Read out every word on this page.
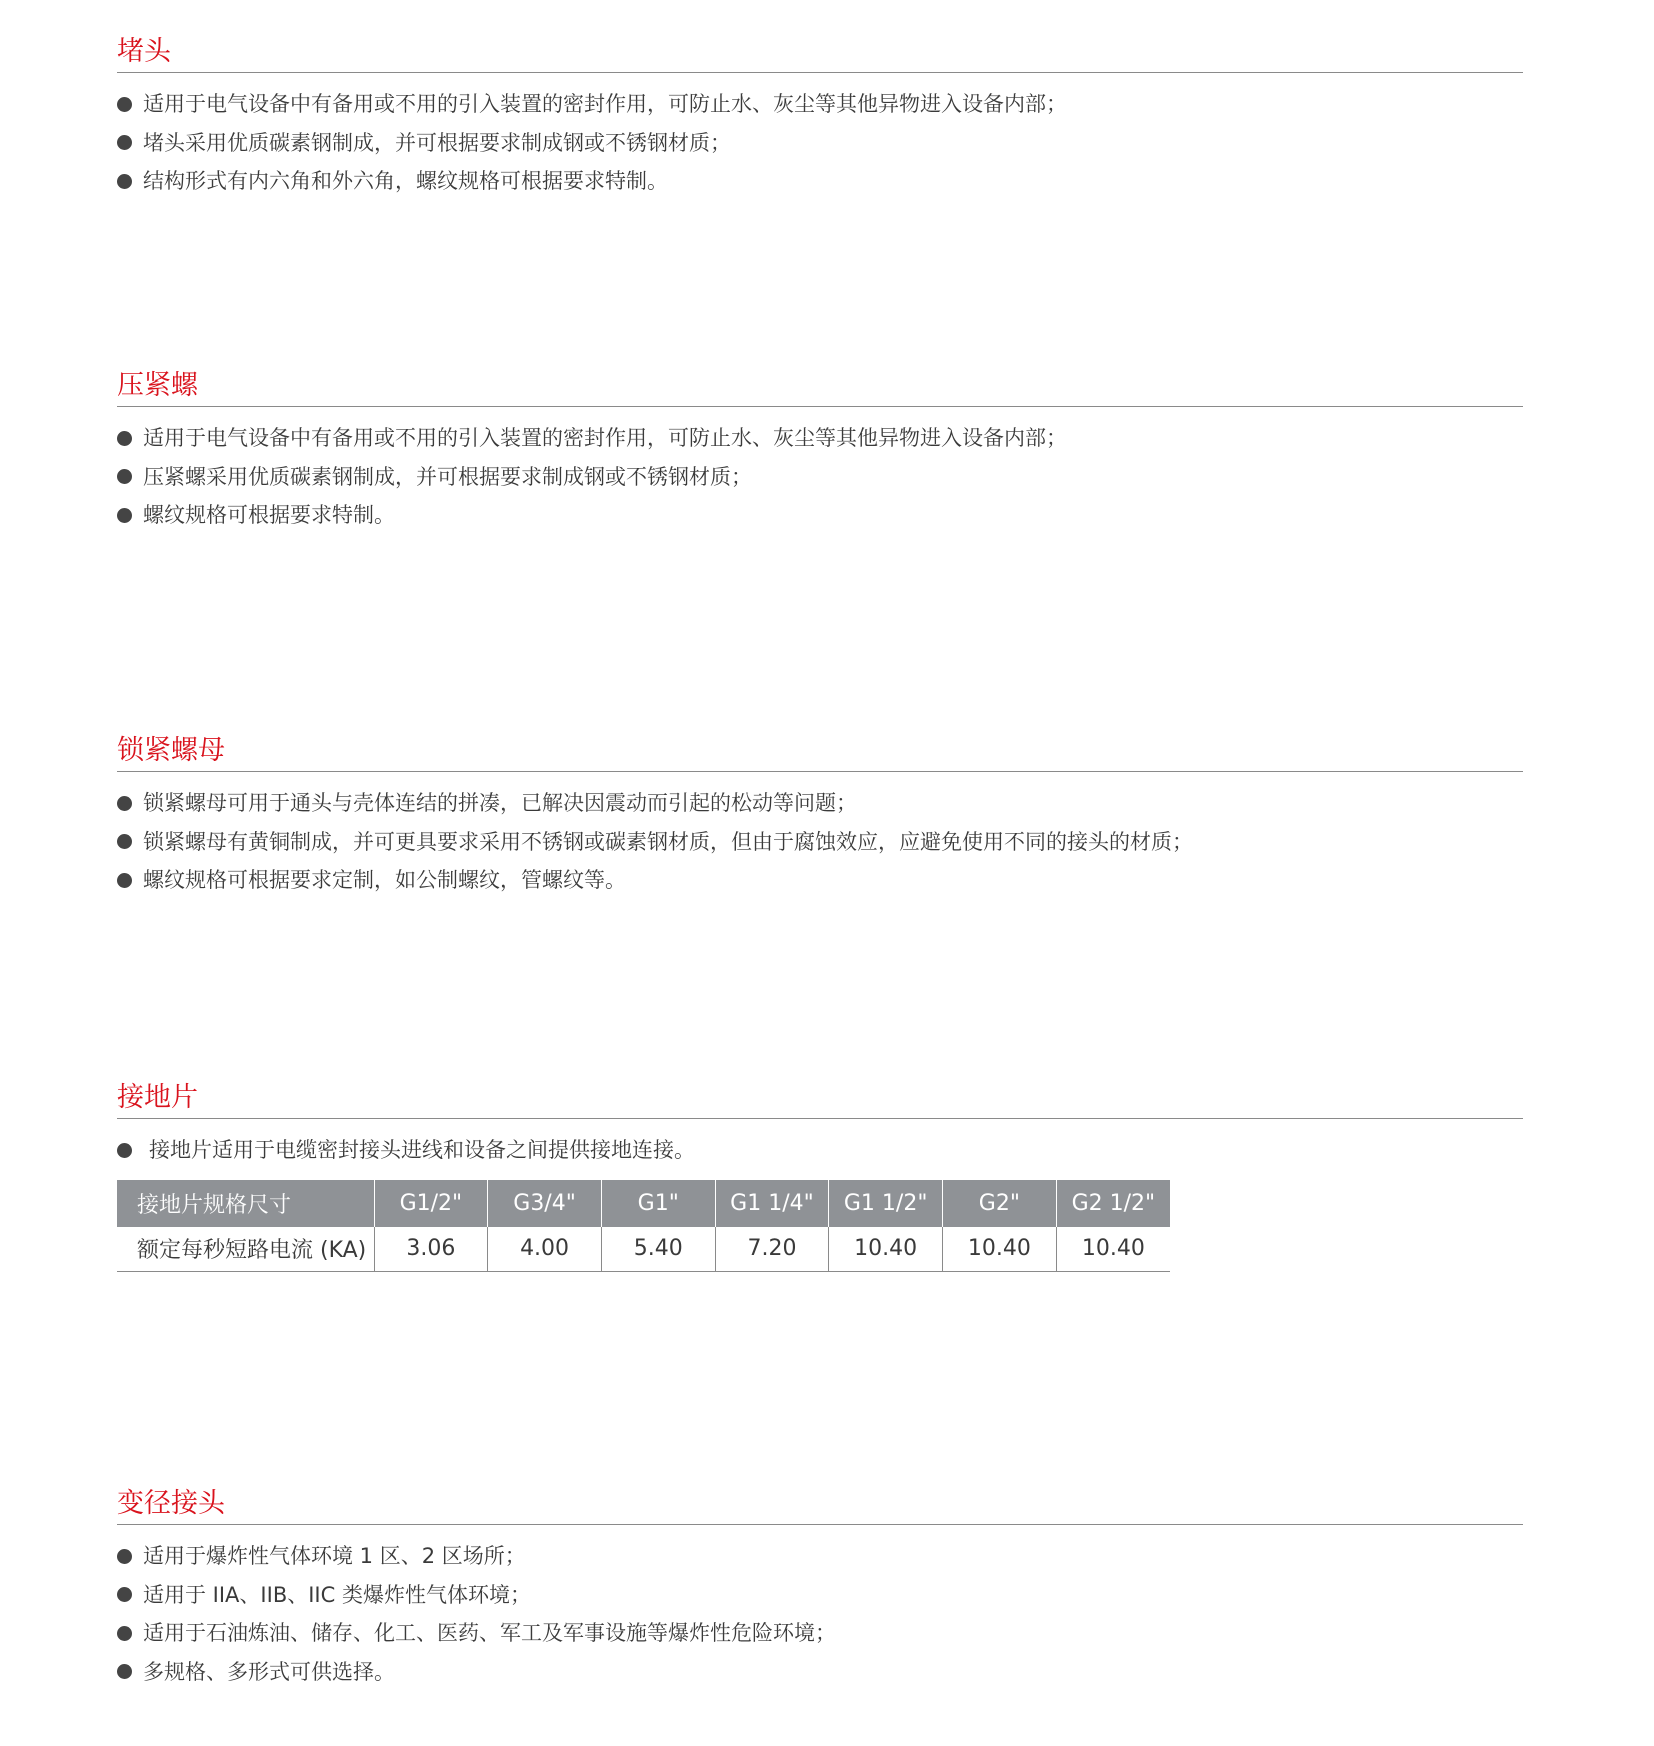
堵头
适用于电气设备中有备用或不用的引入装置的密封作用，可防止水、灰尘等其他异物进入设备内部；
堵头采用优质碳素钢制成，并可根据要求制成钢或不锈钢材质；
结构形式有内六角和外六角，螺纹规格可根据要求特制。
压紧螺
适用于电气设备中有备用或不用的引入装置的密封作用，可防止水、灰尘等其他异物进入设备内部；
压紧螺采用优质碳素钢制成，并可根据要求制成钢或不锈钢材质；
螺纹规格可根据要求特制。
锁紧螺母
锁紧螺母可用于通头与壳体连结的拼凑，已解决因震动而引起的松动等问题；
锁紧螺母有黄铜制成，并可更具要求采用不锈钢或碳素钢材质，但由于腐蚀效应，应避免使用不同的接头的材质；
螺纹规格可根据要求定制，如公制螺纹，管螺纹等。
接地片
接地片适用于电缆密封接头进线和设备之间提供接地连接。
接地片规格尺寸	G1/2"	G3/4"	G1"	G1 1/4"	G1 1/2"	G2"	G2 1/2"
额定每秒短路电流 (KA)	3.06	4.00	5.40	7.20	10.40	10.40	10.40
变径接头
适用于爆炸性气体环境 1 区、2 区场所；
适用于 IIA、IIB、IIC 类爆炸性气体环境；
适用于石油炼油、储存、化工、医药、军工及军事设施等爆炸性危险环境；
多规格、多形式可供选择。
